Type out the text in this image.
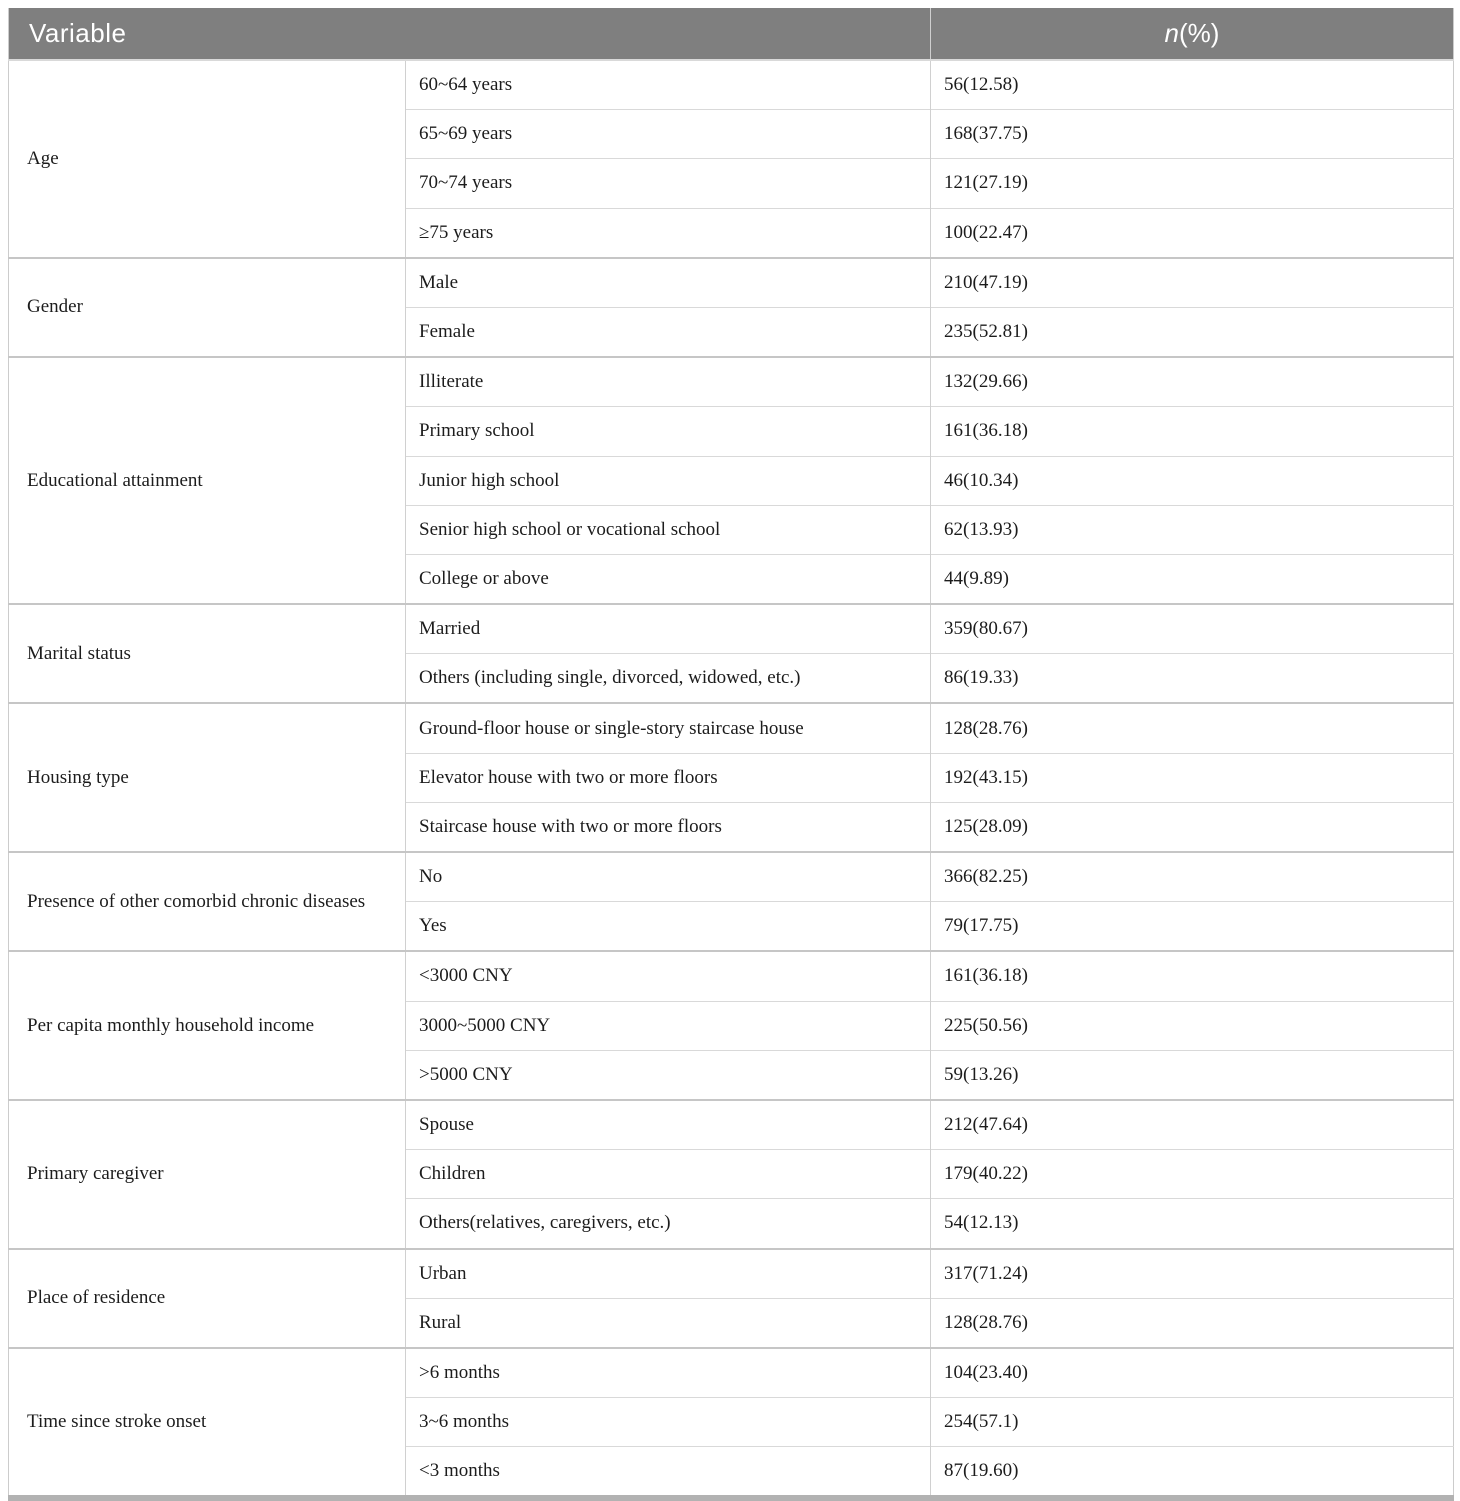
Variable		n(%)
Age	60~64 years	56(12.58)
	65~69 years	168(37.75)
	70~74 years	121(27.19)
	≥75 years	100(22.47)
Gender	Male	210(47.19)
	Female	235(52.81)
Educational attainment	Illiterate	132(29.66)
	Primary school	161(36.18)
	Junior high school	46(10.34)
	Senior high school or vocational school	62(13.93)
	College or above	44(9.89)
Marital status	Married	359(80.67)
	Others (including single, divorced, widowed, etc.)	86(19.33)
Housing type	Ground-floor house or single-story staircase house	128(28.76)
	Elevator house with two or more floors	192(43.15)
	Staircase house with two or more floors	125(28.09)
Presence of other comorbid chronic diseases	No	366(82.25)
	Yes	79(17.75)
Per capita monthly household income	<3000 CNY	161(36.18)
	3000~5000 CNY	225(50.56)
	>5000 CNY	59(13.26)
Primary caregiver	Spouse	212(47.64)
	Children	179(40.22)
	Others(relatives, caregivers, etc.)	54(12.13)
Place of residence	Urban	317(71.24)
	Rural	128(28.76)
Time since stroke onset	>6 months	104(23.40)
	3~6 months	254(57.1)
	<3 months	87(19.60)
